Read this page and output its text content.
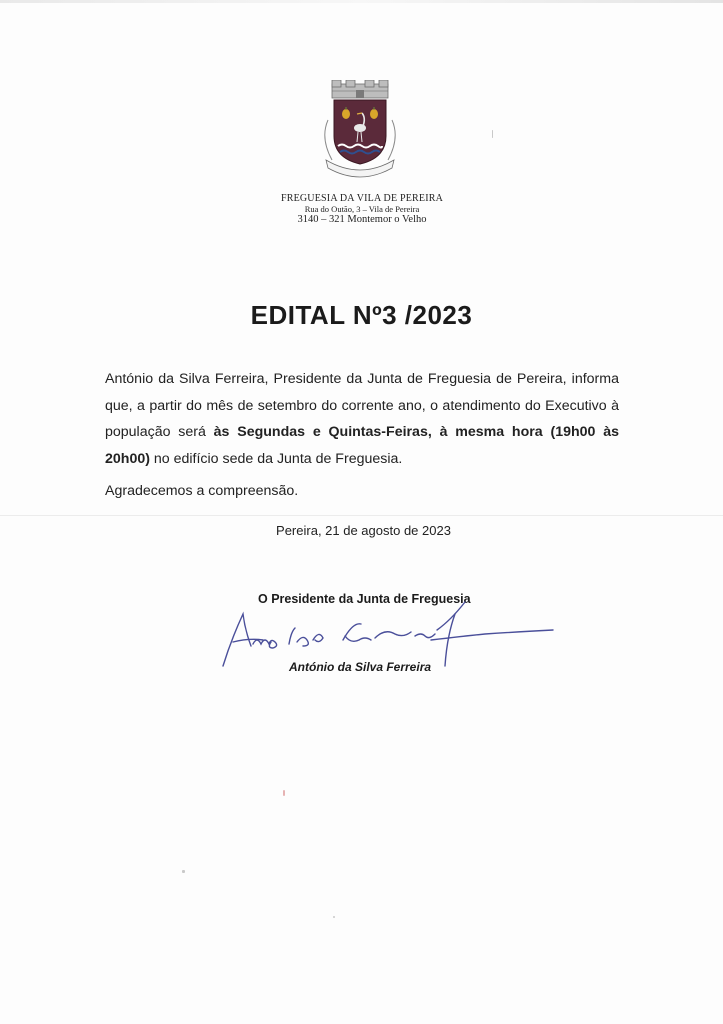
FREGUESIA DA VILA DE PEREIRA
Rua do Outão, 3 – Vila de Pereira
3140 – 321 Montemor o Velho
EDITAL Nº3 /2023
António da Silva Ferreira, Presidente da Junta de Freguesia de Pereira, informa que, a partir do mês de setembro do corrente ano, o atendimento do Executivo à população será às Segundas e Quintas-Feiras, à mesma hora (19h00 às 20h00) no edifício sede da Junta de Freguesia.
Agradecemos a compreensão.
Pereira, 21 de agosto de 2023
O Presidente da Junta de Freguesia
António da Silva Ferreira
